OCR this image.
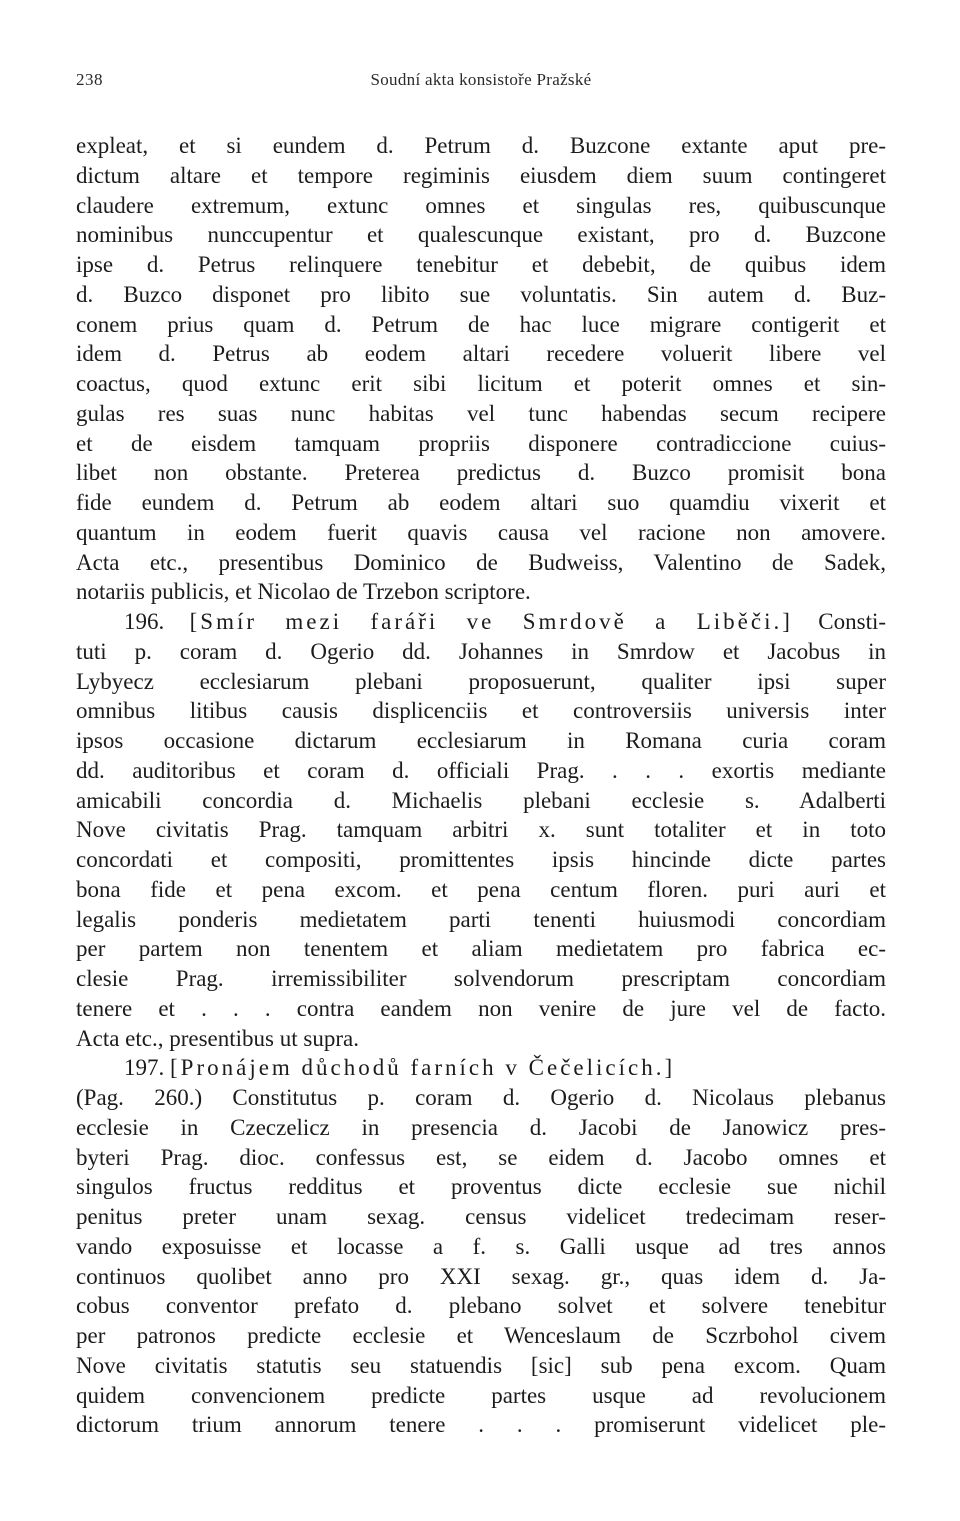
238	Soudní akta konsistoře Pražské
expleat, et si eundem d. Petrum d. Buzcone extante aput pre-
dictum altare et tempore regiminis eiusdem diem suum contingeret
claudere extremum, extunc omnes et singulas res, quibuscunque
nominibus nunccupentur et qualescunque existant, pro d. Buzcone
ipse d. Petrus relinquere tenebitur et debebit, de quibus idem
d. Buzco disponet pro libito sue voluntatis. Sin autem d. Buz-
conem prius quam d. Petrum de hac luce migrare contigerit et
idem d. Petrus ab eodem altari recedere voluerit libere vel
coactus, quod extunc erit sibi licitum et poterit omnes et sin-
gulas res suas nunc habitas vel tunc habendas secum recipere
et de eisdem tamquam propriis disponere contradiccione cuius-
libet non obstante. Preterea predictus d. Buzco promisit bona
fide eundem d. Petrum ab eodem altari suo quamdiu vixerit et
quantum in eodem fuerit quavis causa vel racione non amovere.
Acta etc., presentibus Dominico de Budweiss, Valentino de Sadek,
notariis publicis, et Nicolao de Trzebon scriptore.
196. [Smír mezi faráři ve Smrdově a Liběči.] Consti-
tuti p. coram d. Ogerio dd. Johannes in Smrdow et Jacobus in
Lybyecz ecclesiarum plebani proposuerunt, qualiter ipsi super
omnibus litibus causis displicenciis et controversiis universis inter
ipsos occasione dictarum ecclesiarum in Romana curia coram
dd. auditoribus et coram d. officiali Prag. . . . exortis mediante
amicabili concordia d. Michaelis plebani ecclesie s. Adalberti
Nove civitatis Prag. tamquam arbitri x. sunt totaliter et in toto
concordati et compositi, promittentes ipsis hincinde dicte partes
bona fide et pena excom. et pena centum floren. puri auri et
legalis ponderis medietatem parti tenenti huiusmodi concordiam
per partem non tenentem et aliam medietatem pro fabrica ec-
clesie Prag. irremissibiliter solvendorum prescriptam concordiam
tenere et . . . contra eandem non venire de jure vel de facto.
Acta etc., presentibus ut supra.
197. [Pronájem důchodů farních v Čečelicích.]
(Pag. 260.) Constitutus p. coram d. Ogerio d. Nicolaus plebanus
ecclesie in Czeczelicz in presencia d. Jacobi de Janowicz pres-
byteri Prag. dioc. confessus est, se eidem d. Jacobo omnes et
singulos fructus redditus et proventus dicte ecclesie sue nichil
penitus preter unam sexag. census videlicet tredecimam reser-
vando exposuisse et locasse a f. s. Galli usque ad tres annos
continuos quolibet anno pro XXI sexag. gr., quas idem d. Ja-
cobus conventor prefato d. plebano solvet et solvere tenebitur
per patronos predicte ecclesie et Wenceslaum de Sczrbohol civem
Nove civitatis statutis seu statuendis [sic] sub pena excom. Quam
quidem convencionem predicte partes usque ad revolucionem
dictorum trium annorum tenere . . . promiserunt videlicet ple-
